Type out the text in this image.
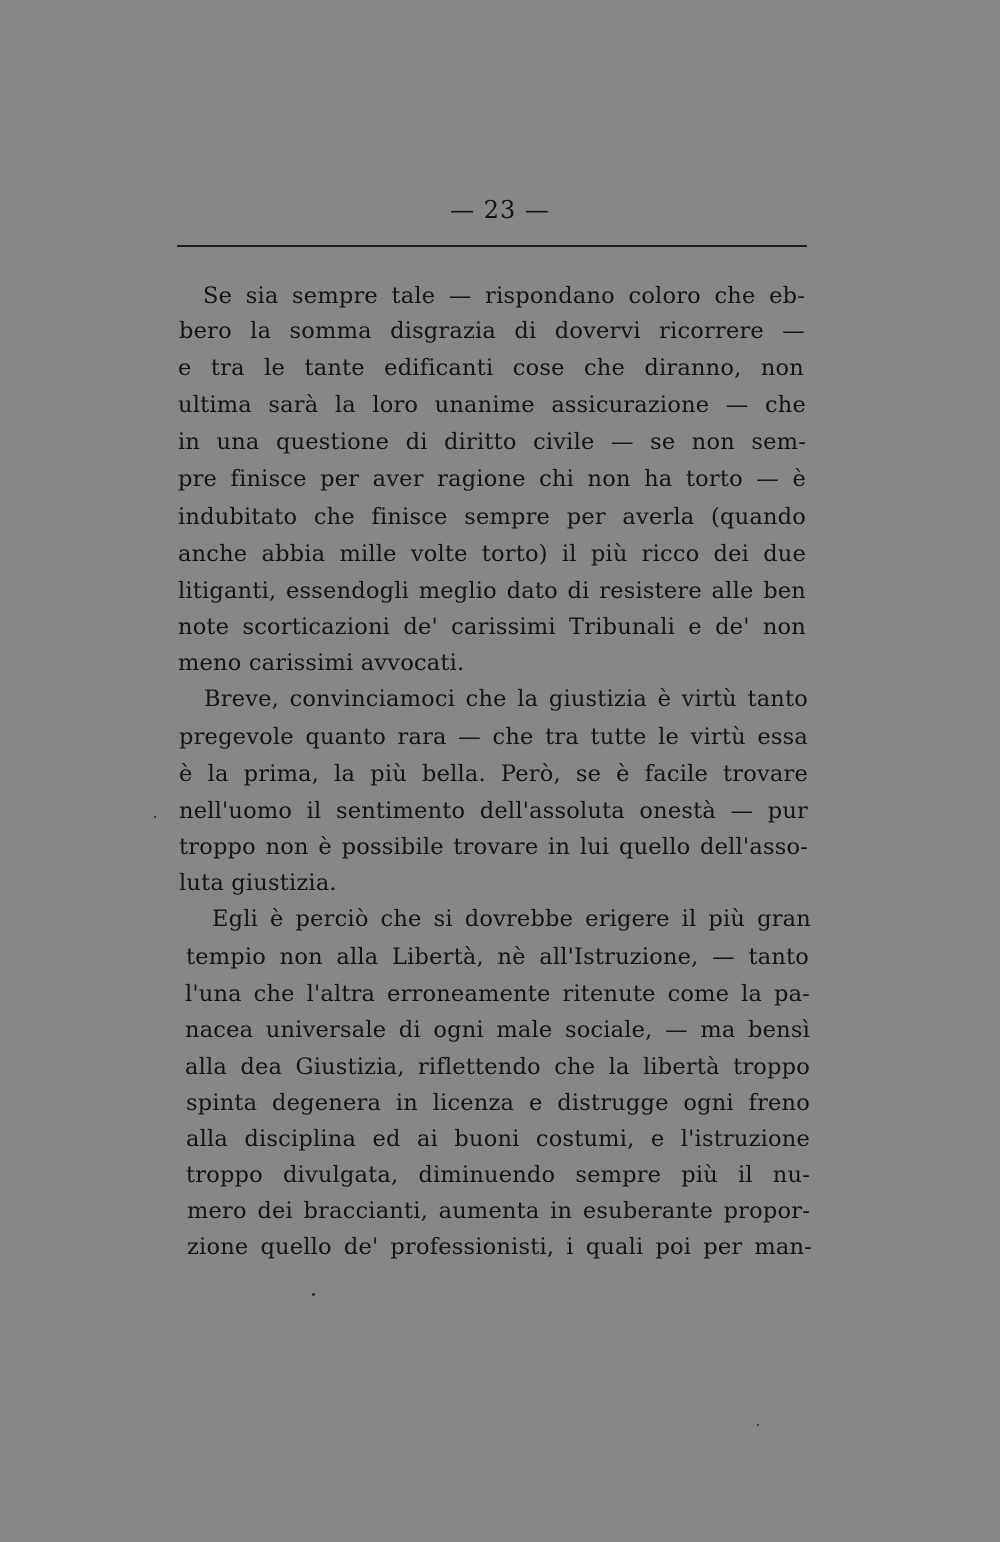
— 23 —
Se sia sempre tale — rispondano coloro che eb-
bero la somma disgrazia di dovervi ricorrere —
e tra le tante edificanti cose che diranno, non
ultima sarà la loro unanime assicurazione — che
in una questione di diritto civile — se non sem-
pre finisce per aver ragione chi non ha torto — è
indubitato che finisce sempre per averla (quando
anche abbia mille volte torto) il più ricco dei due
litiganti, essendogli meglio dato di resistere alle ben
note scorticazioni de' carissimi Tribunali e de' non
meno carissimi avvocati.
Breve, convinciamoci che la giustizia è virtù tanto
pregevole quanto rara — che tra tutte le virtù essa
è la prima, la più bella. Però, se è facile trovare
nell'uomo il sentimento dell'assoluta onestà — pur
troppo non è possibile trovare in lui quello dell'asso-
luta giustizia.
Egli è perciò che si dovrebbe erigere il più gran
tempio non alla Libertà, nè all'Istruzione, — tanto
l'una che l'altra erroneamente ritenute come la pa-
nacea universale di ogni male sociale, — ma bensì
alla dea Giustizia, riflettendo che la libertà troppo
spinta degenera in licenza e distrugge ogni freno
alla disciplina ed ai buoni costumi, e l'istruzione
troppo divulgata, diminuendo sempre più il nu-
mero dei braccianti, aumenta in esuberante propor-
zione quello de' professionisti, i quali poi per man-
